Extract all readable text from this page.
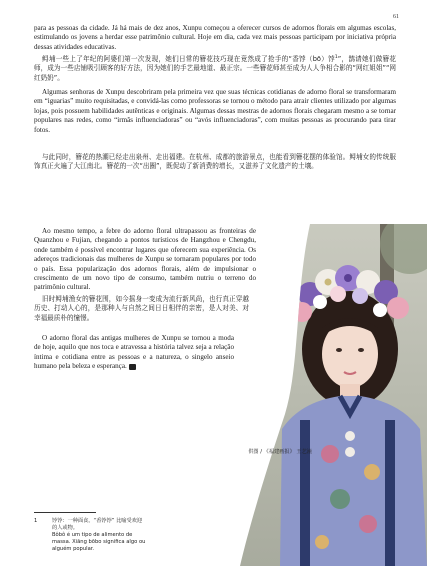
61

para as pessoas da cidade. Já há mais de dez anos, Xunpu começou a oferecer cursos de adornos florais em algumas escolas, estimulando os jovens a herdar esse patrimônio cultural. Hoje em dia, cada vez mais pessoas participam por iniciativa própria dessas atividades educativas.

鲟埔一些上了年纪的阿婆们第一次发现，她们日常的簪花技巧现在竟然成了抢手的“香饽（bō）饽$^1$”，鹊请她们做簪花师，成为一些店铺吸引顾客的好方法，因为她们的手艺最地道、最正宗。一些簪花师甚至成为人人争相合影的“网红姐姐”“网红奶奶”。

Algumas senhoras de Xunpu descobriram pela primeira vez que suas técnicas cotidianas de adorno floral se transformaram em “iguarias” muito requisitadas, e convidá-las como professoras se tornou o método para atrair clientes utilizado por algumas lojas, pois possuem habilidades autênticas e originais. Algumas dessas mestras de adornos florais chegaram mesmo a se tornar populares nas redes, como “irmãs influenciadoras” ou “avós influenciadoras”, com muitas pessoas as procurando para tirar fotos.

与此同时，簪花的热潮已经走出泉州、走出福建。在杭州、成都的旅游景点，也能看到簪花摆的体验馆。鲟埔女的传统服饰真正火遍了大江南北。簪花的一次“出圈”，既促动了新消费的增长，又滋养了文化遗产的土壤。

Ao mesmo tempo, a febre do adorno floral ultrapassou as fronteiras de Quanzhou e Fujian, chegando a pontos turísticos de Hangzhou e Chengdu, onde também é possível encontrar lugares que oferecem sua experiência. Os adereços tradicionais das mulheres de Xunpu se tornaram populares por todo o país. Essa popularização dos adornos florais, além de impulsionar o crescimento de um novo tipo de consumo, também nutriu o terreno do patrimônio cultural.

旧时鲟埔渔女的簪花围，如今摇身一变成为流行新风尚，也行真正穿越历史、打动人心的，是那种人与自然之间日日相伴的亲密，是人对美、对幸福最质朴的憧憬。

O adorno floral das antigas mulheres de Xunpu se tornou a moda de hoje, aquilo que nos toca e atravessa a história talvez seja a relação íntima e cotidiana entre as pessoas e a natureza, o singelo anseio humano pela beleza e esperança. Ⓛ

供图 / 《福建画报》 王艺潼
1	饽饽：一种面食。“香饽饽” 比喻受欢迎的人或物。
Bôbô é um tipo de alimento de massa. Xiāng bōbo significa algo ou alguém popular.
